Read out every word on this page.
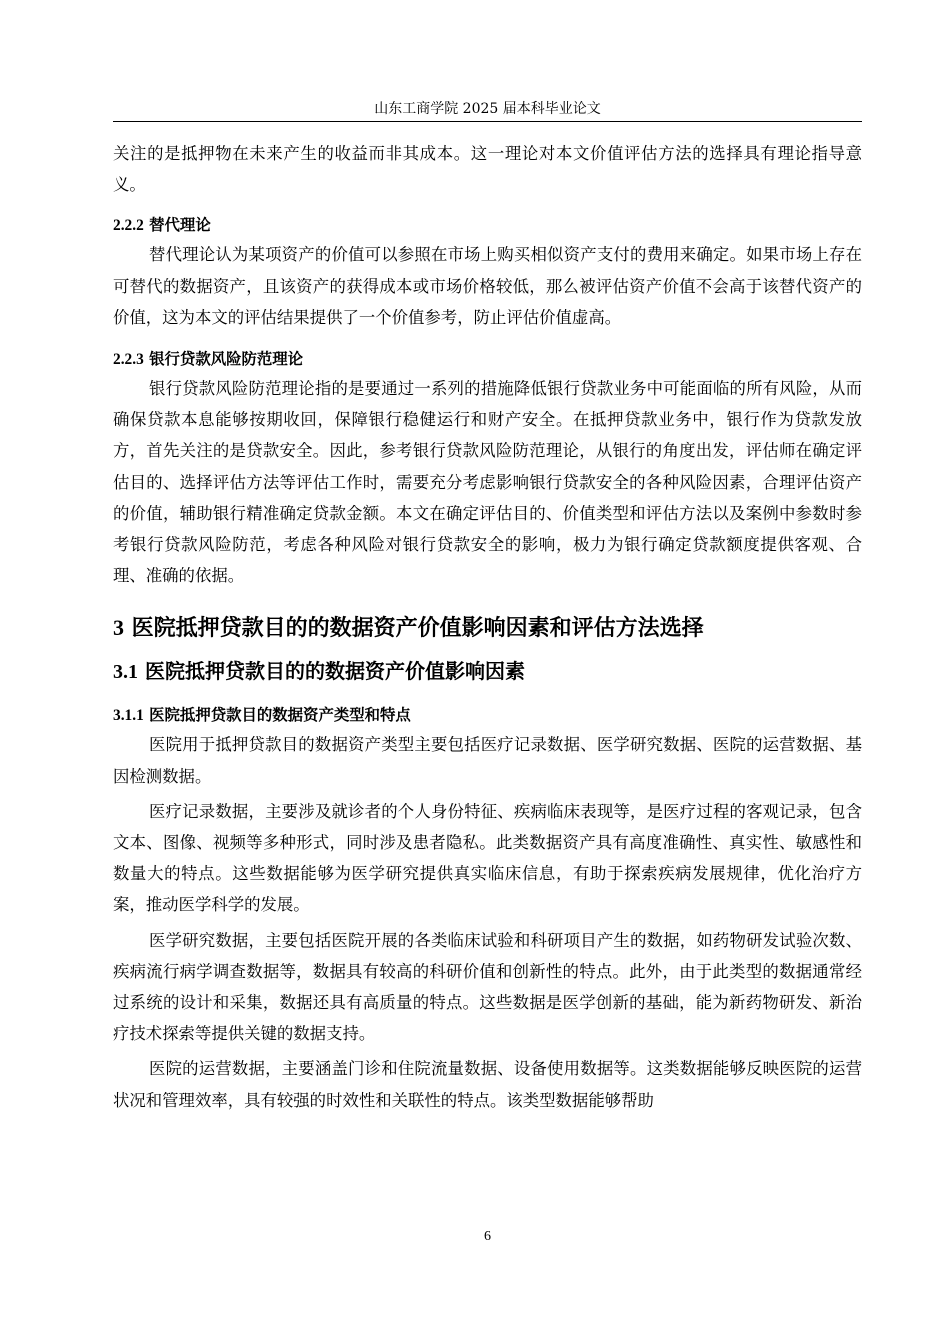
山东工商学院 2025 届本科毕业论文

关注的是抵押物在未来产生的收益而非其成本。这一理论对本文价值评估方法的选择具有理论指导意义。

2.2.2 替代理论

替代理论认为某项资产的价值可以参照在市场上购买相似资产支付的费用来确定。如果市场上存在可替代的数据资产，且该资产的获得成本或市场价格较低，那么被评估资产价值不会高于该替代资产的价值，这为本文的评估结果提供了一个价值参考，防止评估价值虚高。

2.2.3 银行贷款风险防范理论

银行贷款风险防范理论指的是要通过一系列的措施降低银行贷款业务中可能面临的所有风险，从而确保贷款本息能够按期收回，保障银行稳健运行和财产安全。在抵押贷款业务中，银行作为贷款发放方，首先关注的是贷款安全。因此，参考银行贷款风险防范理论，从银行的角度出发，评估师在确定评估目的、选择评估方法等评估工作时，需要充分考虑影响银行贷款安全的各种风险因素，合理评估资产的价值，辅助银行精准确定贷款金额。本文在确定评估目的、价值类型和评估方法以及案例中参数时参考银行贷款风险防范，考虑各种风险对银行贷款安全的影响，极力为银行确定贷款额度提供客观、合理、准确的依据。

3 医院抵押贷款目的的数据资产价值影响因素和评估方法选择
3.1 医院抵押贷款目的的数据资产价值影响因素
3.1.1 医院抵押贷款目的数据资产类型和特点

医院用于抵押贷款目的数据资产类型主要包括医疗记录数据、医学研究数据、医院的运营数据、基因检测数据。

医疗记录数据，主要涉及就诊者的个人身份特征、疾病临床表现等，是医疗过程的客观记录，包含文本、图像、视频等多种形式，同时涉及患者隐私。此类数据资产具有高度准确性、真实性、敏感性和数量大的特点。这些数据能够为医学研究提供真实临床信息，有助于探索疾病发展规律，优化治疗方案，推动医学科学的发展。

医学研究数据，主要包括医院开展的各类临床试验和科研项目产生的数据，如药物研发试验次数、疾病流行病学调查数据等，数据具有较高的科研价值和创新性的特点。此外，由于此类型的数据通常经过系统的设计和采集，数据还具有高质量的特点。这些数据是医学创新的基础，能为新药物研发、新治疗技术探索等提供关键的数据支持。

医院的运营数据，主要涵盖门诊和住院流量数据、设备使用数据等。这类数据能够反映医院的运营状况和管理效率，具有较强的时效性和关联性的特点。该类型数据能够帮助

6
